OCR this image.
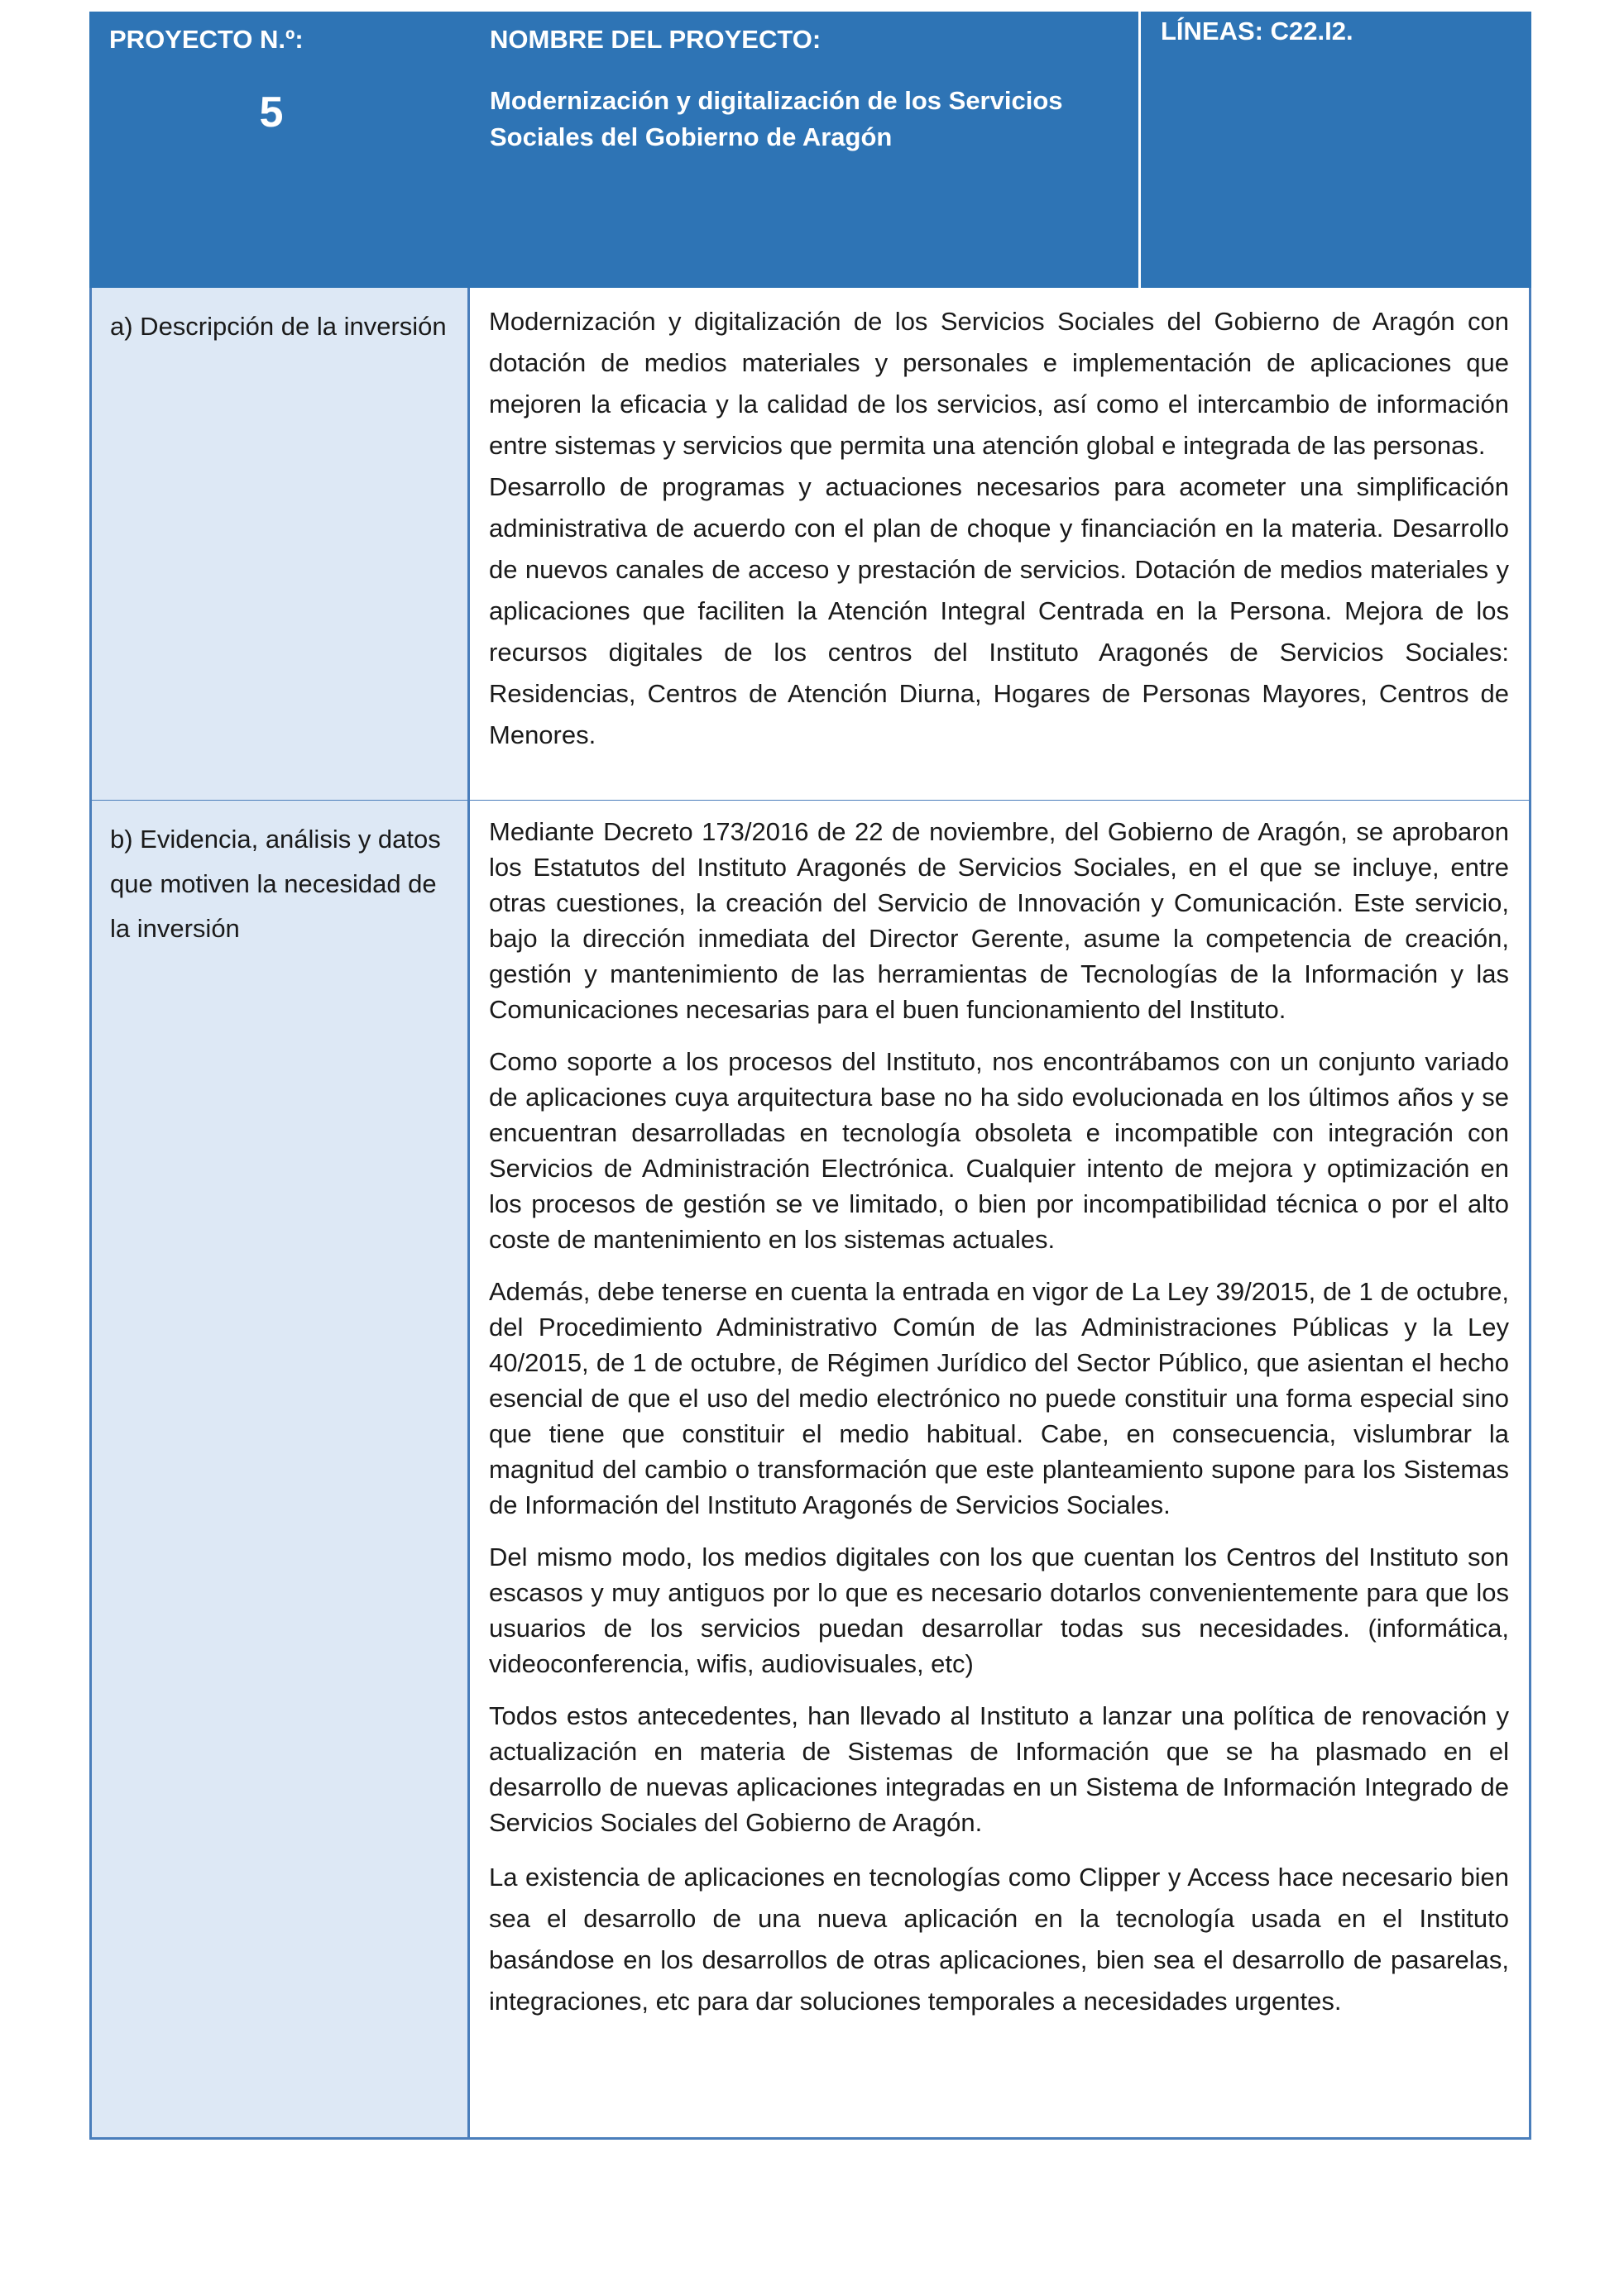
PROYECTO N.º:
5
NOMBRE DEL PROYECTO:
Modernización y digitalización de los Servicios Sociales del Gobierno de Aragón
LÍNEAS: C22.I2.
a) Descripción de la inversión	Modernización y digitalización de los Servicios Sociales del Gobierno de Aragón con dotación de medios materiales y personales e implementación de aplicaciones que mejoren la eficacia y la calidad de los servicios, así como el intercambio de información entre sistemas y servicios que permita una atención global e integrada de las personas.

Desarrollo de programas y actuaciones necesarios para acometer una simplificación administrativa de acuerdo con el plan de choque y financiación en la materia. Desarrollo de nuevos canales de acceso y prestación de servicios. Dotación de medios materiales y aplicaciones que faciliten la Atención Integral Centrada en la Persona. Mejora de los recursos digitales de los centros del Instituto Aragonés de Servicios Sociales: Residencias, Centros de Atención Diurna, Hogares de Personas Mayores, Centros de Menores.

b) Evidencia, análisis y datos que motiven la necesidad de la inversión

Mediante Decreto 173/2016 de 22 de noviembre, del Gobierno de Aragón, se aprobaron los Estatutos del Instituto Aragonés de Servicios Sociales, en el que se incluye, entre otras cuestiones, la creación del Servicio de Innovación y Comunicación. Este servicio, bajo la dirección inmediata del Director Gerente, asume la competencia de creación, gestión y mantenimiento de las herramientas de Tecnologías de la Información y las Comunicaciones necesarias para el buen funcionamiento del Instituto.

Como soporte a los procesos del Instituto, nos encontrábamos con un conjunto variado de aplicaciones cuya arquitectura base no ha sido evolucionada en los últimos años y se encuentran desarrolladas en tecnología obsoleta e incompatible con integración con Servicios de Administración Electrónica. Cualquier intento de mejora y optimización en los procesos de gestión se ve limitado, o bien por incompatibilidad técnica o por el alto coste de mantenimiento en los sistemas actuales.

Además, debe tenerse en cuenta la entrada en vigor de La Ley 39/2015, de 1 de octubre, del Procedimiento Administrativo Común de las Administraciones Públicas y la Ley 40/2015, de 1 de octubre, de Régimen Jurídico del Sector Público, que asientan el hecho esencial de que el uso del medio electrónico no puede constituir una forma especial sino que tiene que constituir el medio habitual. Cabe, en consecuencia, vislumbrar la magnitud del cambio o transformación que este planteamiento supone para los Sistemas de Información del Instituto Aragonés de Servicios Sociales.

Del mismo modo, los medios digitales con los que cuentan los Centros del Instituto son escasos y muy antiguos por lo que es necesario dotarlos convenientemente para que los usuarios de los servicios puedan desarrollar todas sus necesidades. (informática, videoconferencia, wifis, audiovisuales, etc)

Todos estos antecedentes, han llevado al Instituto a lanzar una política de renovación y actualización en materia de Sistemas de Información que se ha plasmado en el desarrollo de nuevas aplicaciones integradas en un Sistema de Información Integrado de Servicios Sociales del Gobierno de Aragón.

La existencia de aplicaciones en tecnologías como Clipper y Access hace necesario bien sea el desarrollo de una nueva aplicación en la tecnología usada en el Instituto basándose en los desarrollos de otras aplicaciones, bien sea el desarrollo de pasarelas, integraciones, etc para dar soluciones temporales a necesidades urgentes.
